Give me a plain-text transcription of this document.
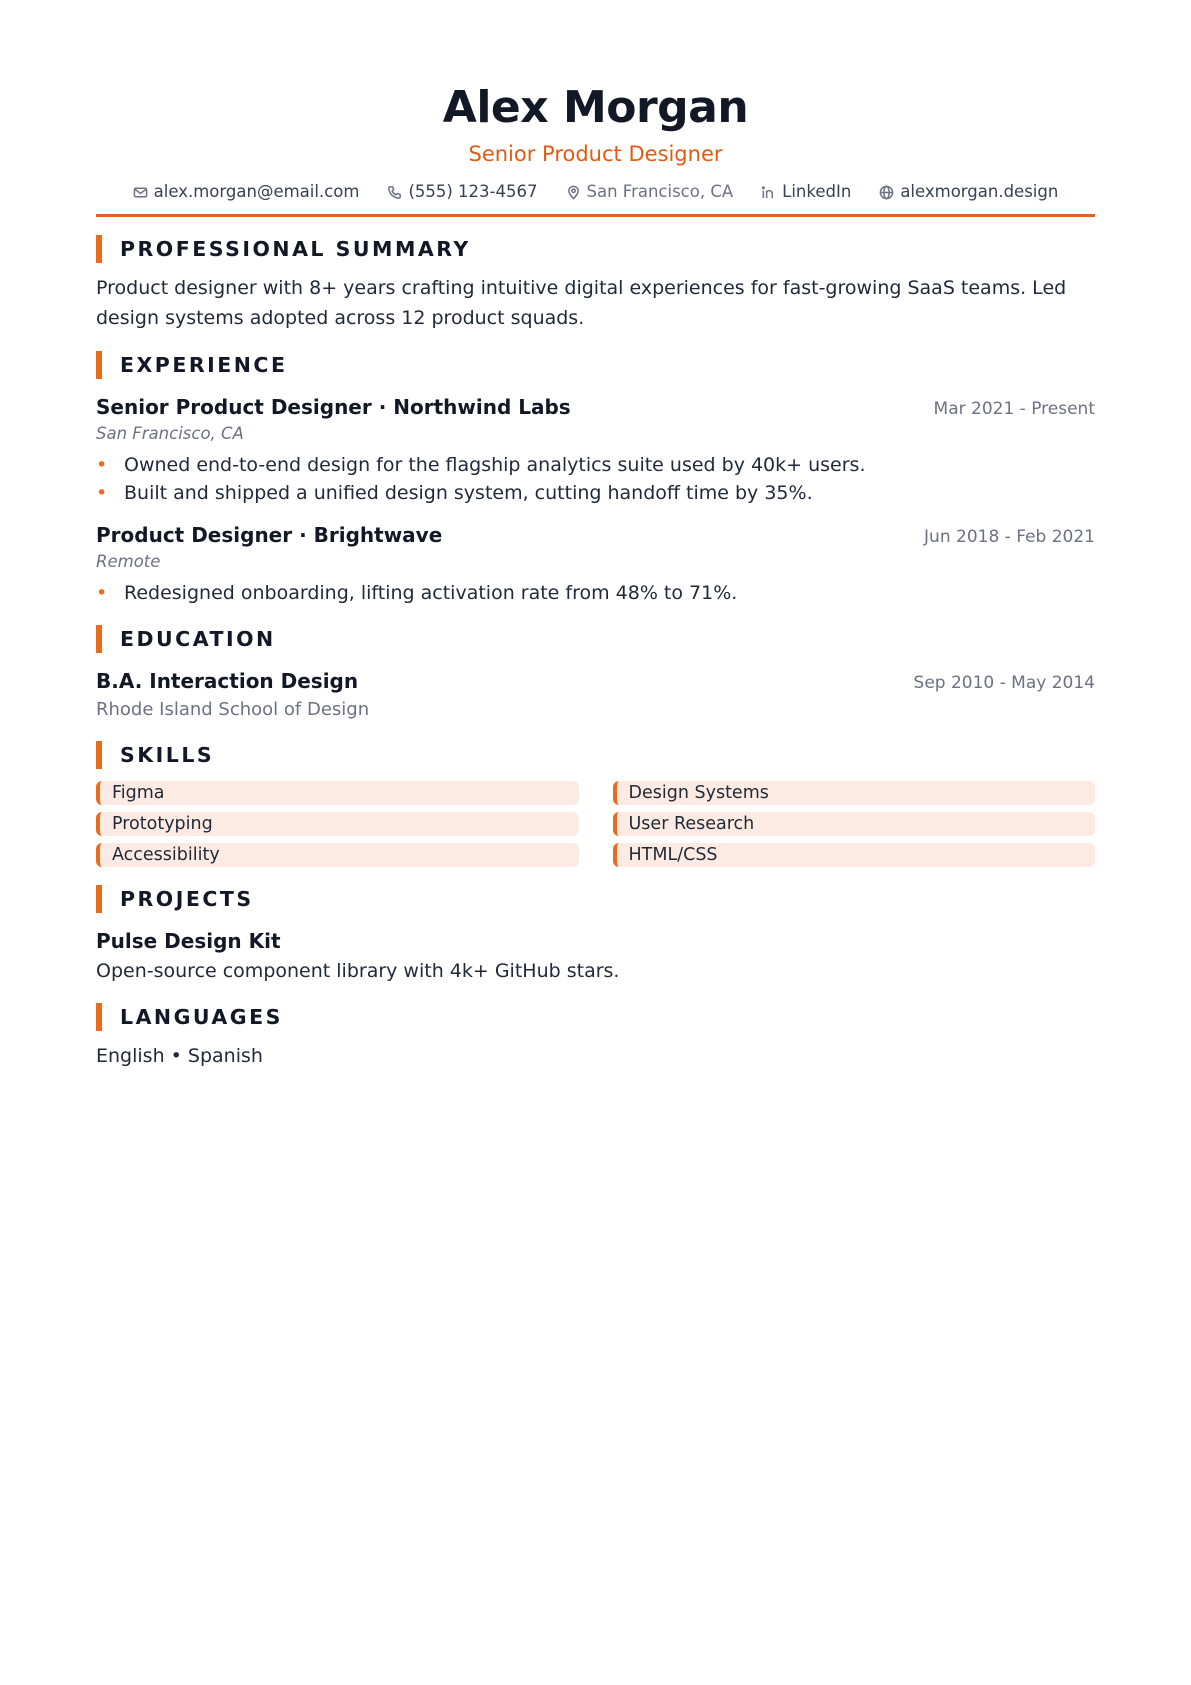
Alex Morgan
Senior Product Designer
alex.morgan@email.com	(555) 123-4567	San Francisco, CA	LinkedIn	alexmorgan.design
PROFESSIONAL SUMMARY
Product designer with 8+ years crafting intuitive digital experiences for fast-growing SaaS teams. Led design systems adopted across 12 product squads.
EXPERIENCE
Senior Product Designer · Northwind Labs	Mar 2021 - Present
San Francisco, CA
• Owned end-to-end design for the flagship analytics suite used by 40k+ users.
• Built and shipped a unified design system, cutting handoff time by 35%.
Product Designer · Brightwave	Jun 2018 - Feb 2021
Remote
• Redesigned onboarding, lifting activation rate from 48% to 71%.
EDUCATION
B.A. Interaction Design	Sep 2010 - May 2014
Rhode Island School of Design
SKILLS
Figma	Design Systems
Prototyping	User Research
Accessibility	HTML/CSS
PROJECTS
Pulse Design Kit
Open-source component library with 4k+ GitHub stars.
LANGUAGES
English • Spanish
